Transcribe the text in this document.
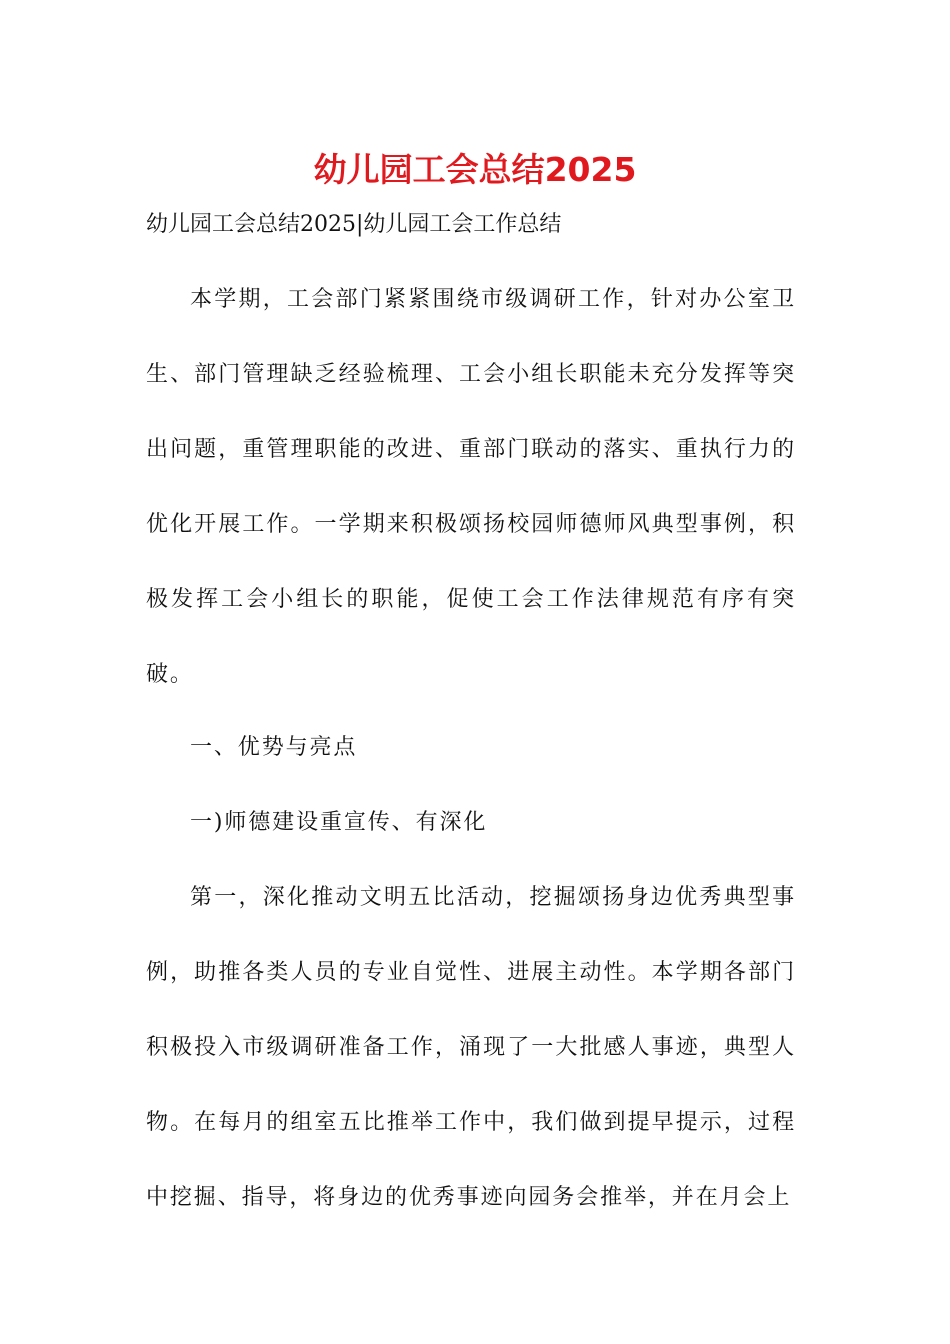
幼儿园工会总结2025

幼儿园工会总结2025|幼儿园工会工作总结

本学期，工会部门紧紧围绕市级调研工作，针对办公室卫生、部门管理缺乏经验梳理、工会小组长职能未充分发挥等突出问题，重管理职能的改进、重部门联动的落实、重执行力的优化开展工作。一学期来积极颂扬校园师德师风典型事例，积极发挥工会小组长的职能，促使工会工作法律规范有序有突破。

一、优势与亮点

一)师德建设重宣传、有深化

第一，深化推动文明五比活动，挖掘颂扬身边优秀典型事例，助推各类人员的专业自觉性、进展主动性。本学期各部门积极投入市级调研准备工作，涌现了一大批感人事迹，典型人物。在每月的组室五比推举工作中，我们做到提早提示，过程中挖掘、指导，将身边的优秀事迹向园务会推举，并在月会上
